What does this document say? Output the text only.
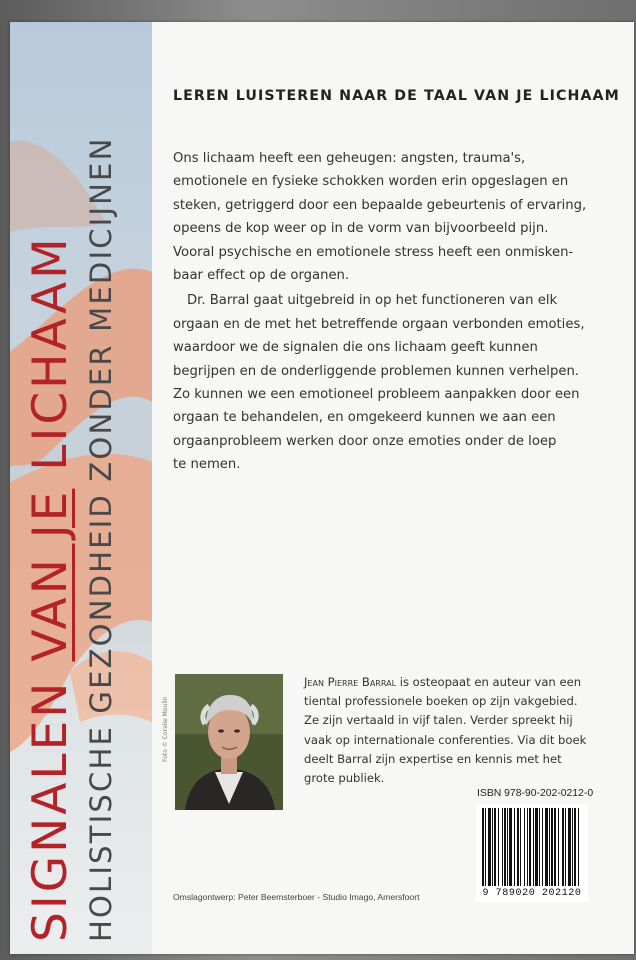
SIGNALEN VAN JE LICHAAM HOLISTISCHE GEZONDHEID ZONDER MEDICIJNEN
LEREN LUISTEREN NAAR DE TAAL VAN JE LICHAAM
Ons lichaam heeft een geheugen: angsten, trauma's,
emotionele en fysieke schokken worden erin opgeslagen en
steken, getriggerd door een bepaalde gebeurtenis of ervaring,
opeens de kop weer op in de vorm van bijvoorbeeld pijn.
Vooral psychische en emotionele stress heeft een onmisken-
baar effect op de organen.
Dr. Barral gaat uitgebreid in op het functioneren van elk
orgaan en de met het betreffende orgaan verbonden emoties,
waardoor we de signalen die ons lichaam geeft kunnen
begrijpen en de onderliggende problemen kunnen verhelpen.
Zo kunnen we een emotioneel probleem aanpakken door een
orgaan te behandelen, en omgekeerd kunnen we aan een
orgaanprobleem werken door onze emoties onder de loep
te nemen.
Foto © Coralie Moulin
Jean Pierre Barral is osteopaat en auteur van een
tiental professionele boeken op zijn vakgebied.
Ze zijn vertaald in vijf talen. Verder spreekt hij
vaak op internationale conferenties. Via dit boek
deelt Barral zijn expertise en kennis met het
grote publiek.
ISBN 978-90-202-0212-0
9 789020 202120
Omslagontwerp: Peter Beemsterboer - Studio Imago, Amersfoort
